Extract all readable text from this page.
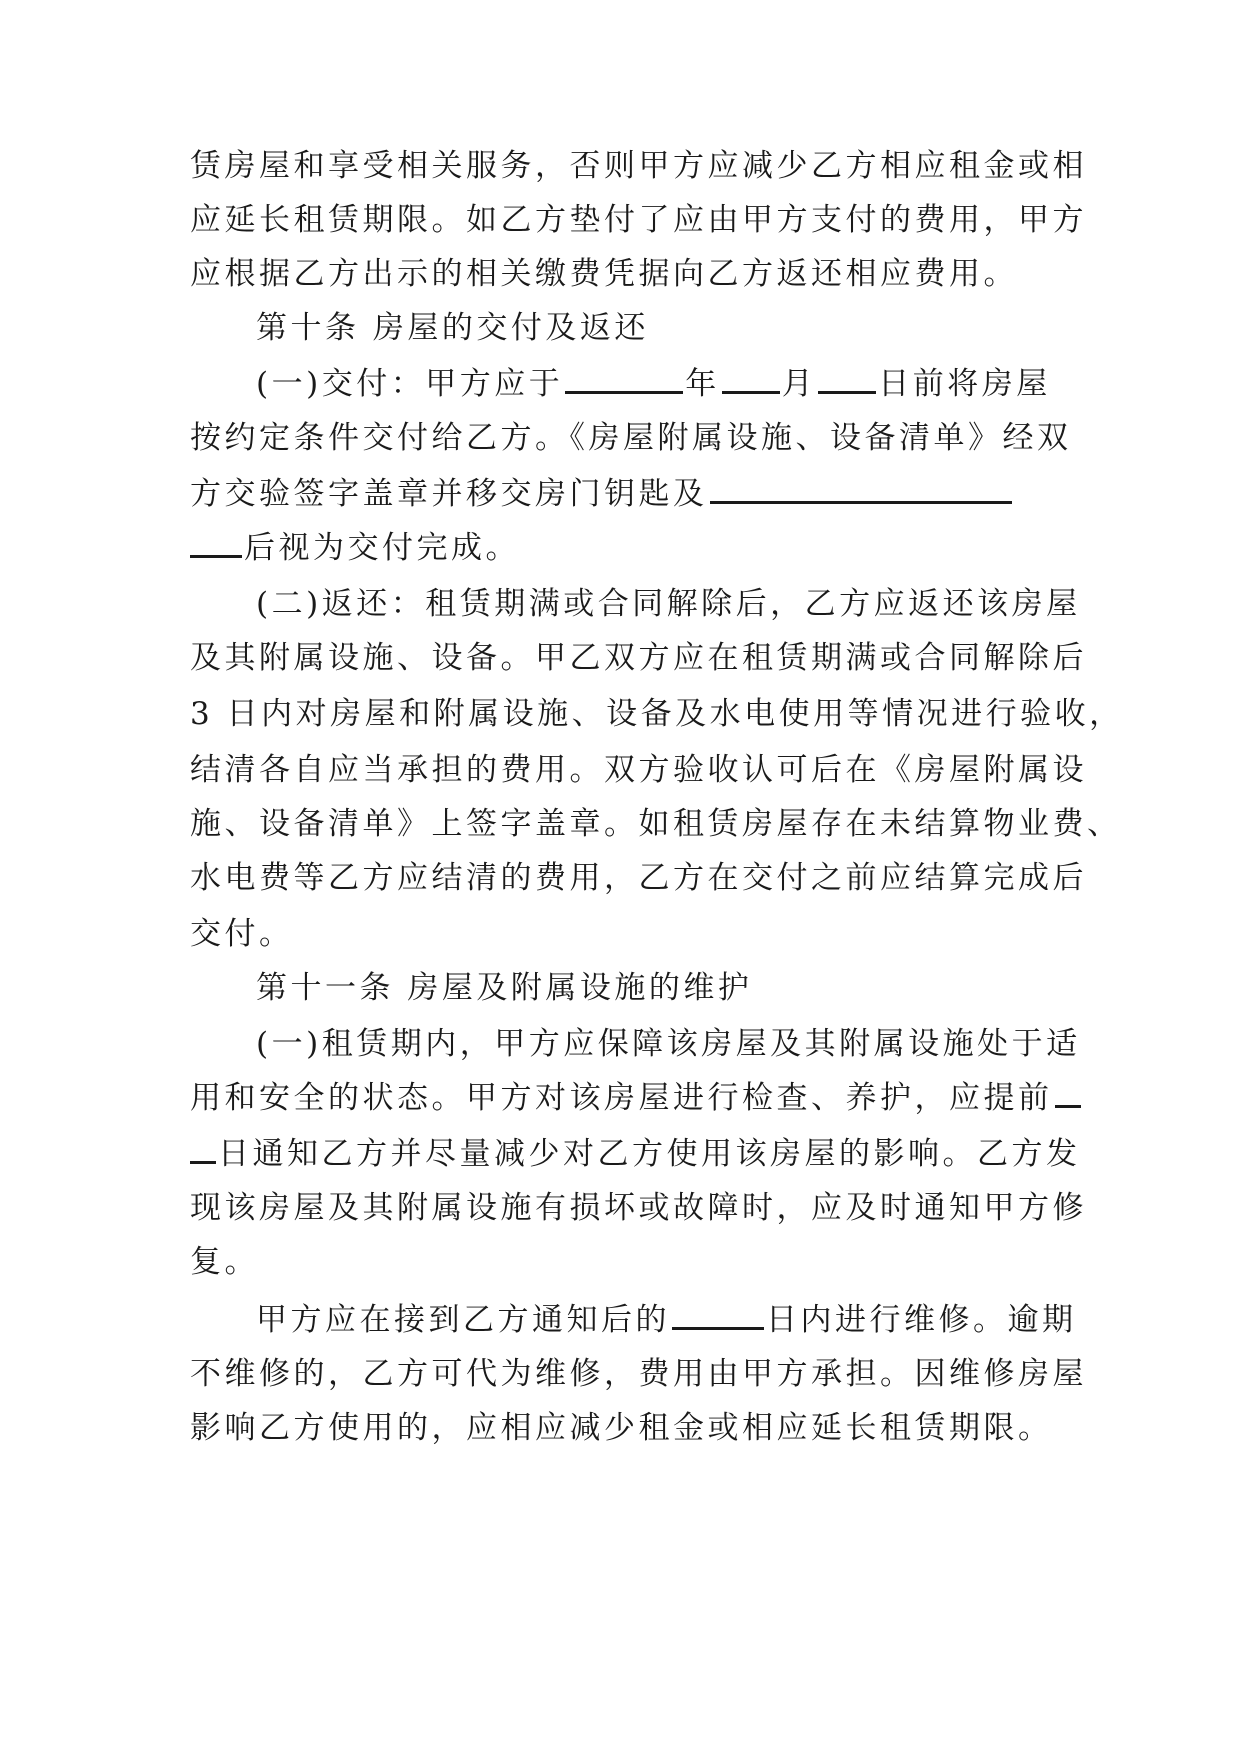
赁房屋和享受相关服务，否则甲方应减少乙方相应租金或相
应延长租赁期限。如乙方垫付了应由甲方支付的费用，甲方
应根据乙方出示的相关缴费凭据向乙方返还相应费用。
第十条 房屋的交付及返还
(一)交付：甲方应于	年 月 日前将房屋
按约定条件交付给乙方。《房屋附属设施、设备清单》经双
方交验签字盖章并移交房门钥匙及
后视为交付完成。
(二)返还：租赁期满或合同解除后，乙方应返还该房屋
及其附属设施、设备。甲乙双方应在租赁期满或合同解除后
3 日内对房屋和附属设施、设备及水电使用等情况进行验收，
结清各自应当承担的费用。双方验收认可后在《房屋附属设
施、设备清单》上签字盖章。如租赁房屋存在未结算物业费、
水电费等乙方应结清的费用，乙方在交付之前应结算完成后
交付。
第十一条 房屋及附属设施的维护
(一)租赁期内，甲方应保障该房屋及其附属设施处于适
用和安全的状态。甲方对该房屋进行检查、养护，应提前
日通知乙方并尽量减少对乙方使用该房屋的影响。乙方发
现该房屋及其附属设施有损坏或故障时，应及时通知甲方修
复。
甲方应在接到乙方通知后的	日内进行维修。逾期
不维修的，乙方可代为维修，费用由甲方承担。因维修房屋
影响乙方使用的，应相应减少租金或相应延长租赁期限。
